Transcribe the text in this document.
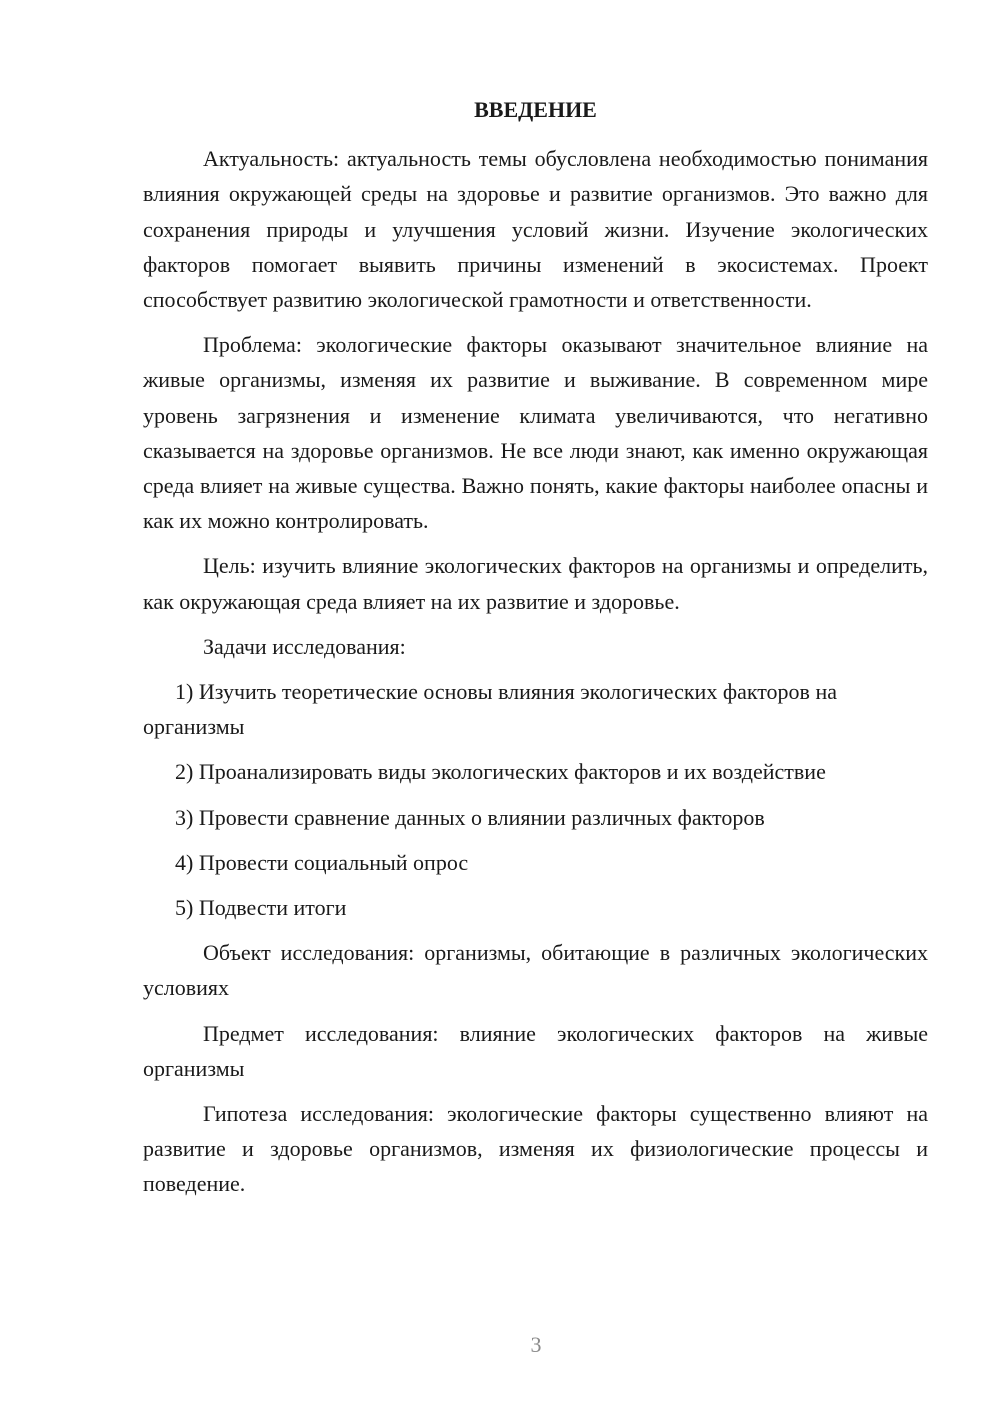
ВВЕДЕНИЕ

Актуальность: актуальность темы обусловлена необходимостью понимания влияния окружающей среды на здоровье и развитие организмов. Это важно для сохранения природы и улучшения условий жизни. Изучение экологических факторов помогает выявить причины изменений в экосистемах. Проект способствует развитию экологической грамотности и ответственности.

Проблема: экологические факторы оказывают значительное влияние на живые организмы, изменяя их развитие и выживание. В современном мире уровень загрязнения и изменение климата увеличиваются, что негативно сказывается на здоровье организмов. Не все люди знают, как именно окружающая среда влияет на живые существа. Важно понять, какие факторы наиболее опасны и как их можно контролировать.

Цель: изучить влияние экологических факторов на организмы и определить, как окружающая среда влияет на их развитие и здоровье.

Задачи исследования:

1) Изучить теоретические основы влияния экологических факторов на организмы

2) Проанализировать виды экологических факторов и их воздействие

3) Провести сравнение данных о влиянии различных факторов

4) Провести социальный опрос

5) Подвести итоги

Объект исследования: организмы, обитающие в различных экологических условиях

Предмет исследования: влияние экологических факторов на живые организмы

Гипотеза исследования: экологические факторы существенно влияют на развитие и здоровье организмов, изменяя их физиологические процессы и поведение.

3
